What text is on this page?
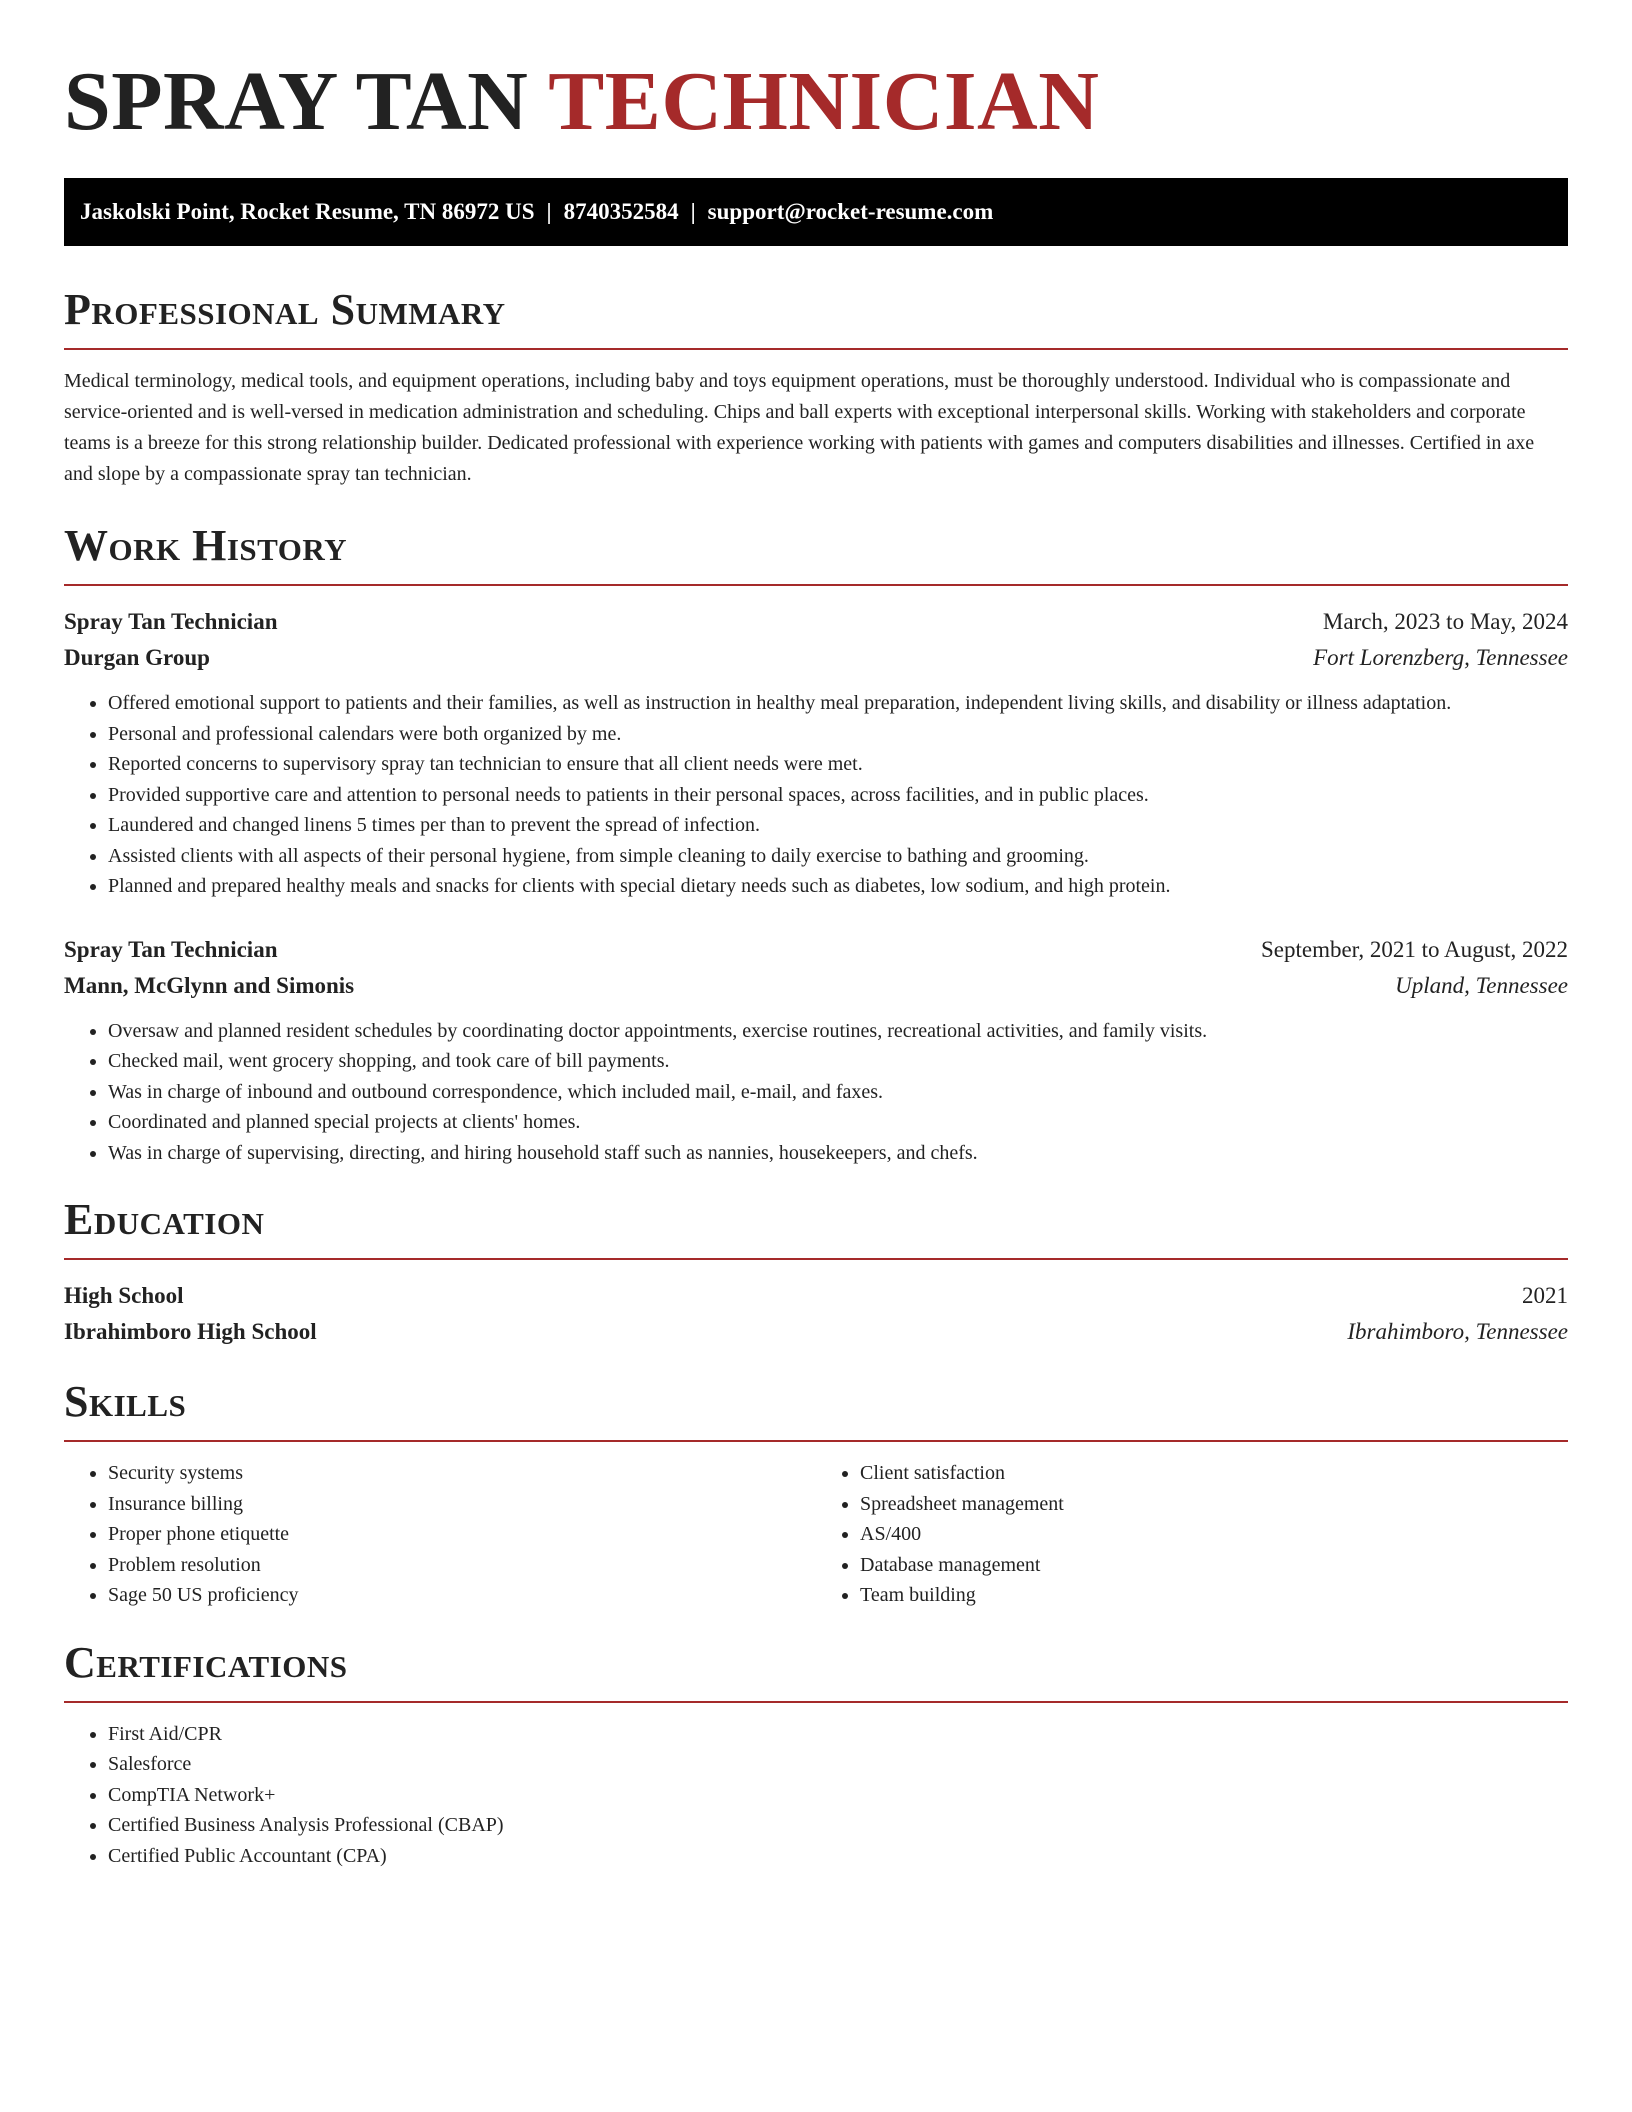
SPRAY TAN TECHNICIAN
Jaskolski Point, Rocket Resume, TN 86972 US | 8740352584 | support@rocket-resume.com
Professional Summary

Medical terminology, medical tools, and equipment operations, including baby and toys equipment operations, must be thoroughly understood. Individual who is compassionate and service-oriented and is well-versed in medication administration and scheduling. Chips and ball experts with exceptional interpersonal skills. Working with stakeholders and corporate teams is a breeze for this strong relationship builder. Dedicated professional with experience working with patients with games and computers disabilities and illnesses. Certified in axe and slope by a compassionate spray tan technician.

Work History
Spray Tan Technician	March, 2023 to May, 2024
Durgan Group	Fort Lorenzberg, Tennessee
• Offered emotional support to patients and their families, as well as instruction in healthy meal preparation, independent living skills, and disability or illness adaptation.
• Personal and professional calendars were both organized by me.
• Reported concerns to supervisory spray tan technician to ensure that all client needs were met.
• Provided supportive care and attention to personal needs to patients in their personal spaces, across facilities, and in public places.
• Laundered and changed linens 5 times per than to prevent the spread of infection.
• Assisted clients with all aspects of their personal hygiene, from simple cleaning to daily exercise to bathing and grooming.
• Planned and prepared healthy meals and snacks for clients with special dietary needs such as diabetes, low sodium, and high protein.
Spray Tan Technician	September, 2021 to August, 2022
Mann, McGlynn and Simonis	Upland, Tennessee
• Oversaw and planned resident schedules by coordinating doctor appointments, exercise routines, recreational activities, and family visits.
• Checked mail, went grocery shopping, and took care of bill payments.
• Was in charge of inbound and outbound correspondence, which included mail, e-mail, and faxes.
• Coordinated and planned special projects at clients' homes.
• Was in charge of supervising, directing, and hiring household staff such as nannies, housekeepers, and chefs.
Education
High School	2021
Ibrahimboro High School	Ibrahimboro, Tennessee
Skills
• Security systems
• Insurance billing
• Proper phone etiquette
• Problem resolution
• Sage 50 US proficiency
• Client satisfaction
• Spreadsheet management
• AS/400
• Database management
• Team building
Certifications
• First Aid/CPR
• Salesforce
• CompTIA Network+
• Certified Business Analysis Professional (CBAP)
• Certified Public Accountant (CPA)
